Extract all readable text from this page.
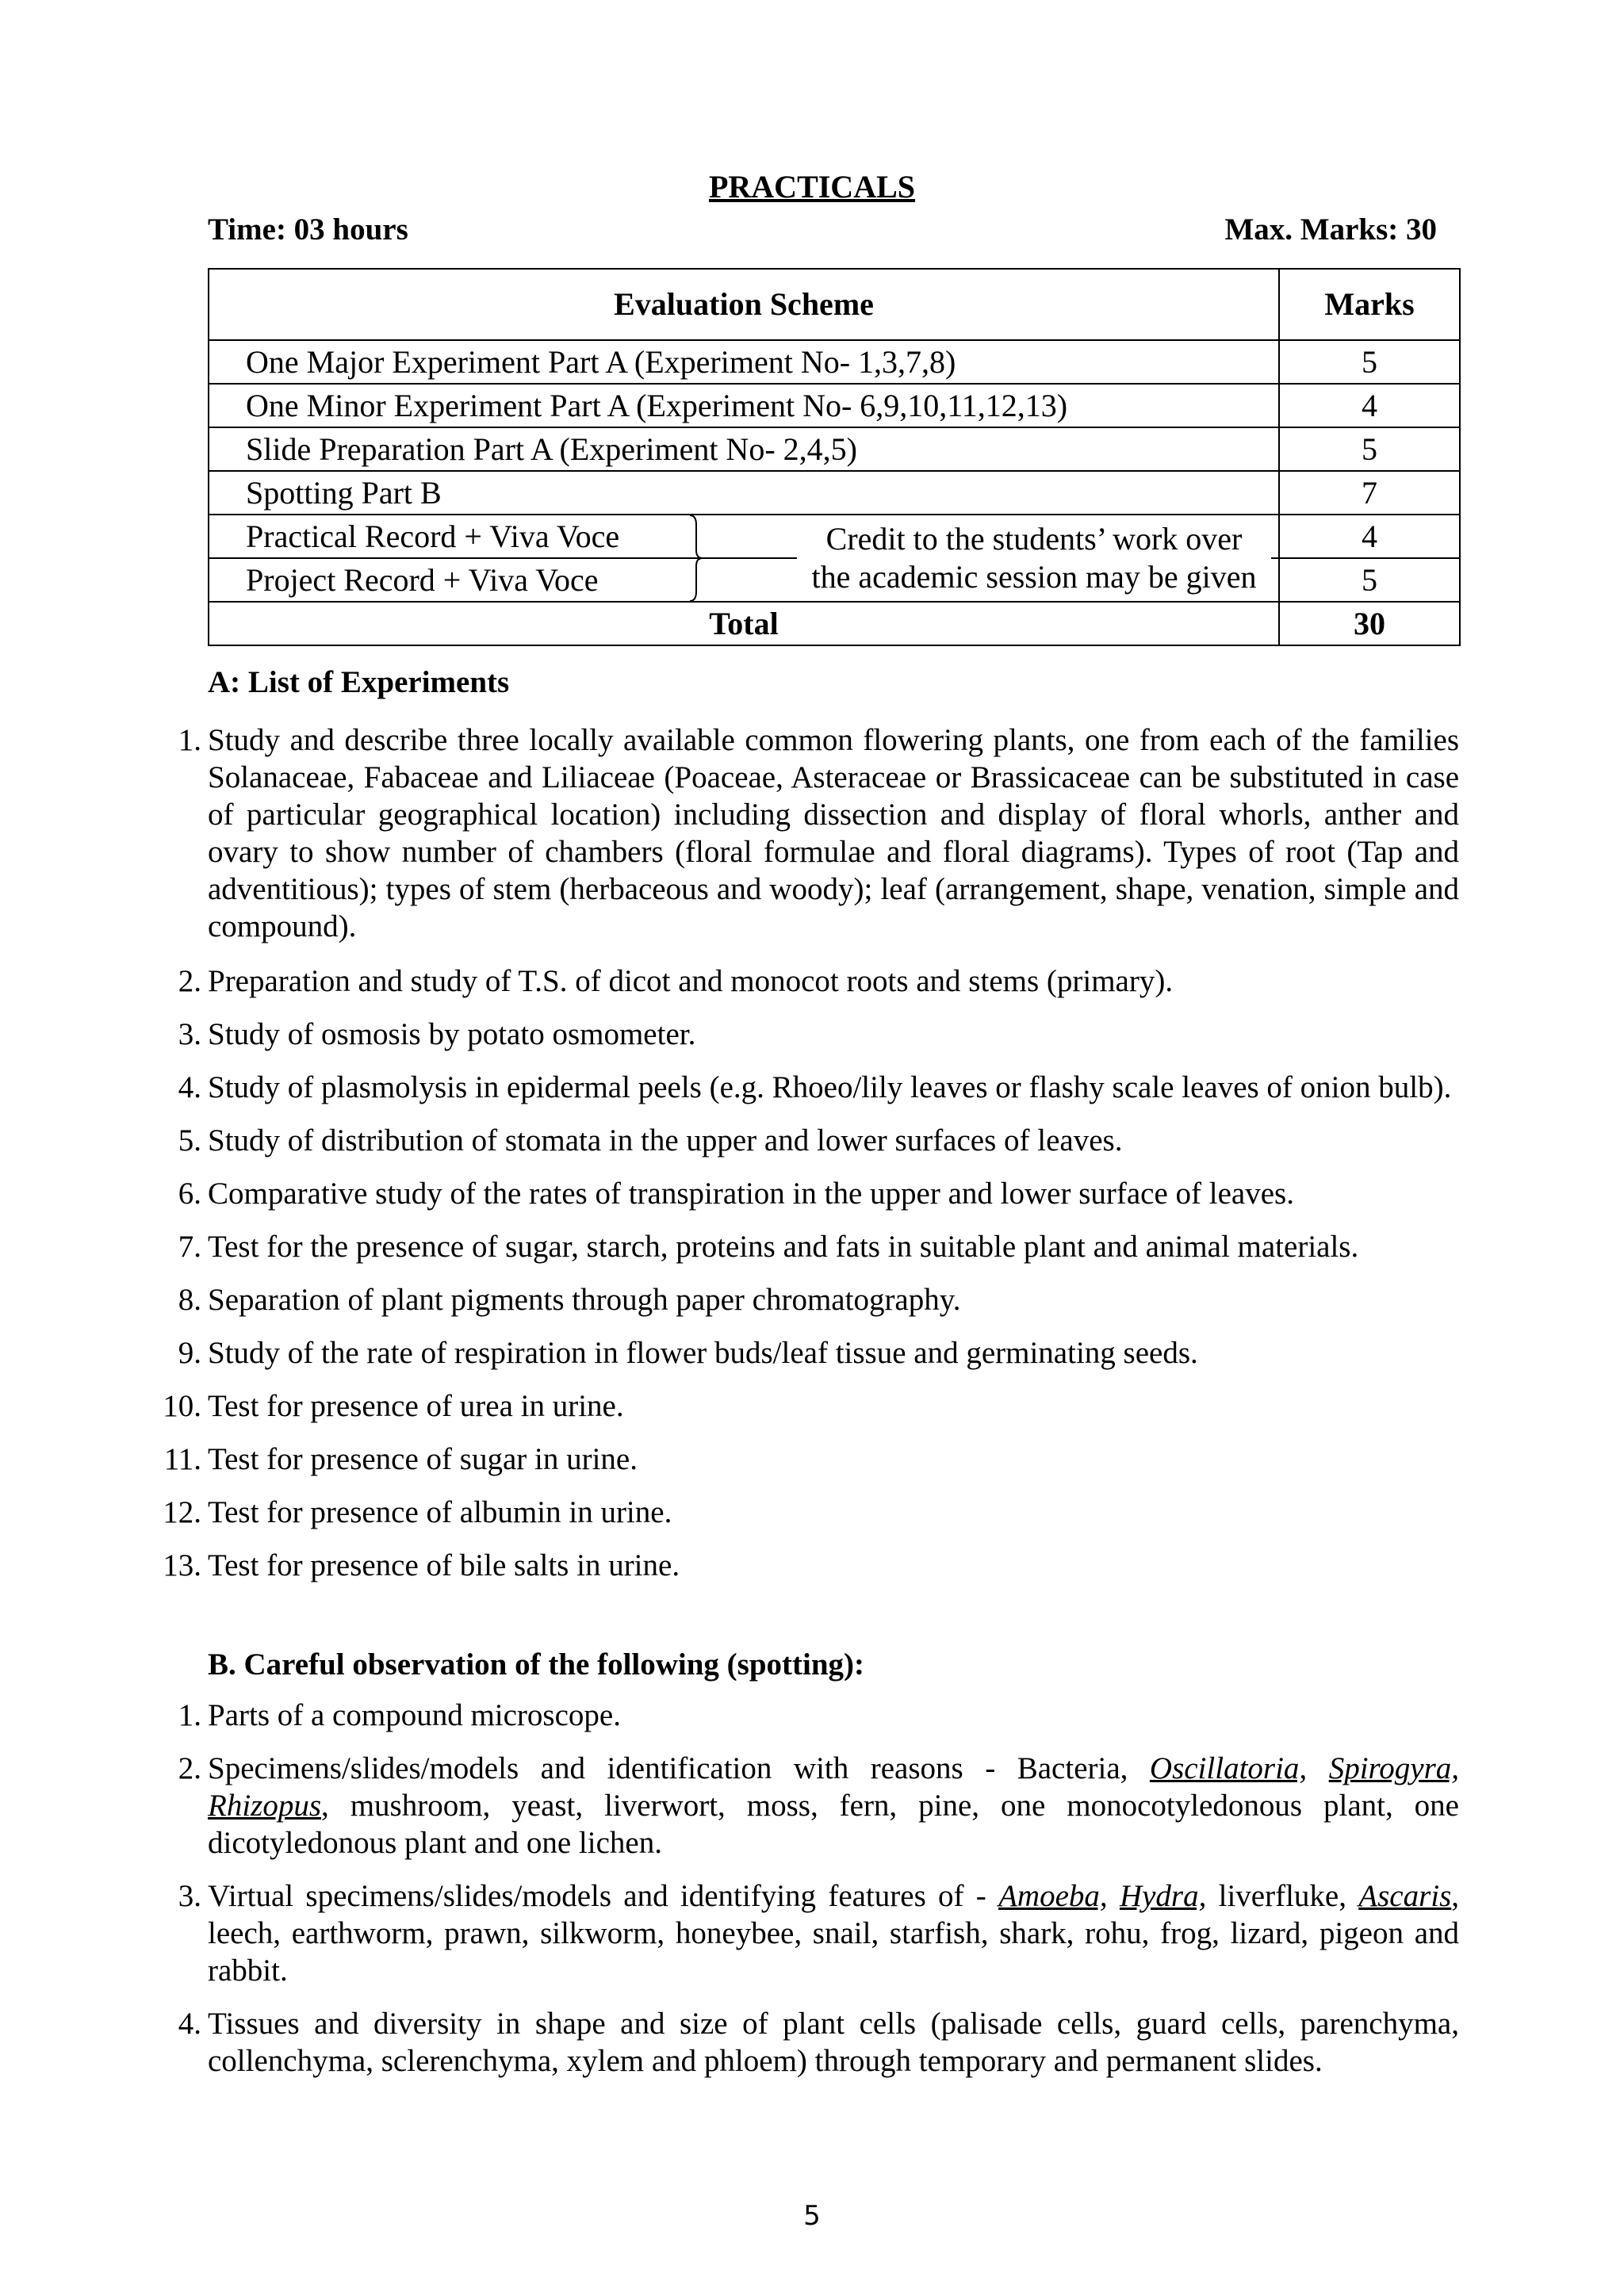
PRACTICALS
Time: 03 hours	Max. Marks: 30
Evaluation Scheme	Marks
One Major Experiment Part A (Experiment No- 1,3,7,8)	5
One Minor Experiment Part A (Experiment No- 6,9,10,11,12,13)	4
Slide Preparation Part A (Experiment No- 2,4,5)	5
Spotting Part B	7
Practical Record + Viva Voce	4
Project Record + Viva Voce	5
Total	30
Credit to the students’ work over
the academic session may be given
A: List of Experiments
1. Study and describe three locally available common flowering plants, one from each of the families Solanaceae, Fabaceae and Liliaceae (Poaceae, Asteraceae or Brassicaceae can be substituted in case of particular geographical location) including dissection and display of floral whorls, anther and ovary to show number of chambers (floral formulae and floral diagrams). Types of root (Tap and adventitious); types of stem (herbaceous and woody); leaf (arrangement, shape, venation, simple and compound).
2. Preparation and study of T.S. of dicot and monocot roots and stems (primary).
3. Study of osmosis by potato osmometer.
4. Study of plasmolysis in epidermal peels (e.g. Rhoeo/lily leaves or flashy scale leaves of onion bulb).
5. Study of distribution of stomata in the upper and lower surfaces of leaves.
6. Comparative study of the rates of transpiration in the upper and lower surface of leaves.
7. Test for the presence of sugar, starch, proteins and fats in suitable plant and animal materials.
8. Separation of plant pigments through paper chromatography.
9. Study of the rate of respiration in flower buds/leaf tissue and germinating seeds.
10. Test for presence of urea in urine.
11. Test for presence of sugar in urine.
12. Test for presence of albumin in urine.
13. Test for presence of bile salts in urine.
B. Careful observation of the following (spotting):
1. Parts of a compound microscope.
2. Specimens/slides/models and identification with reasons - Bacteria, Oscillatoria, Spirogyra, Rhizopus, mushroom, yeast, liverwort, moss, fern, pine, one monocotyledonous plant, one dicotyledonous plant and one lichen.
3. Virtual specimens/slides/models and identifying features of - Amoeba, Hydra, liverfluke, Ascaris, leech, earthworm, prawn, silkworm, honeybee, snail, starfish, shark, rohu, frog, lizard, pigeon and rabbit.
4. Tissues and diversity in shape and size of plant cells (palisade cells, guard cells, parenchyma, collenchyma, sclerenchyma, xylem and phloem) through temporary and permanent slides.
5
